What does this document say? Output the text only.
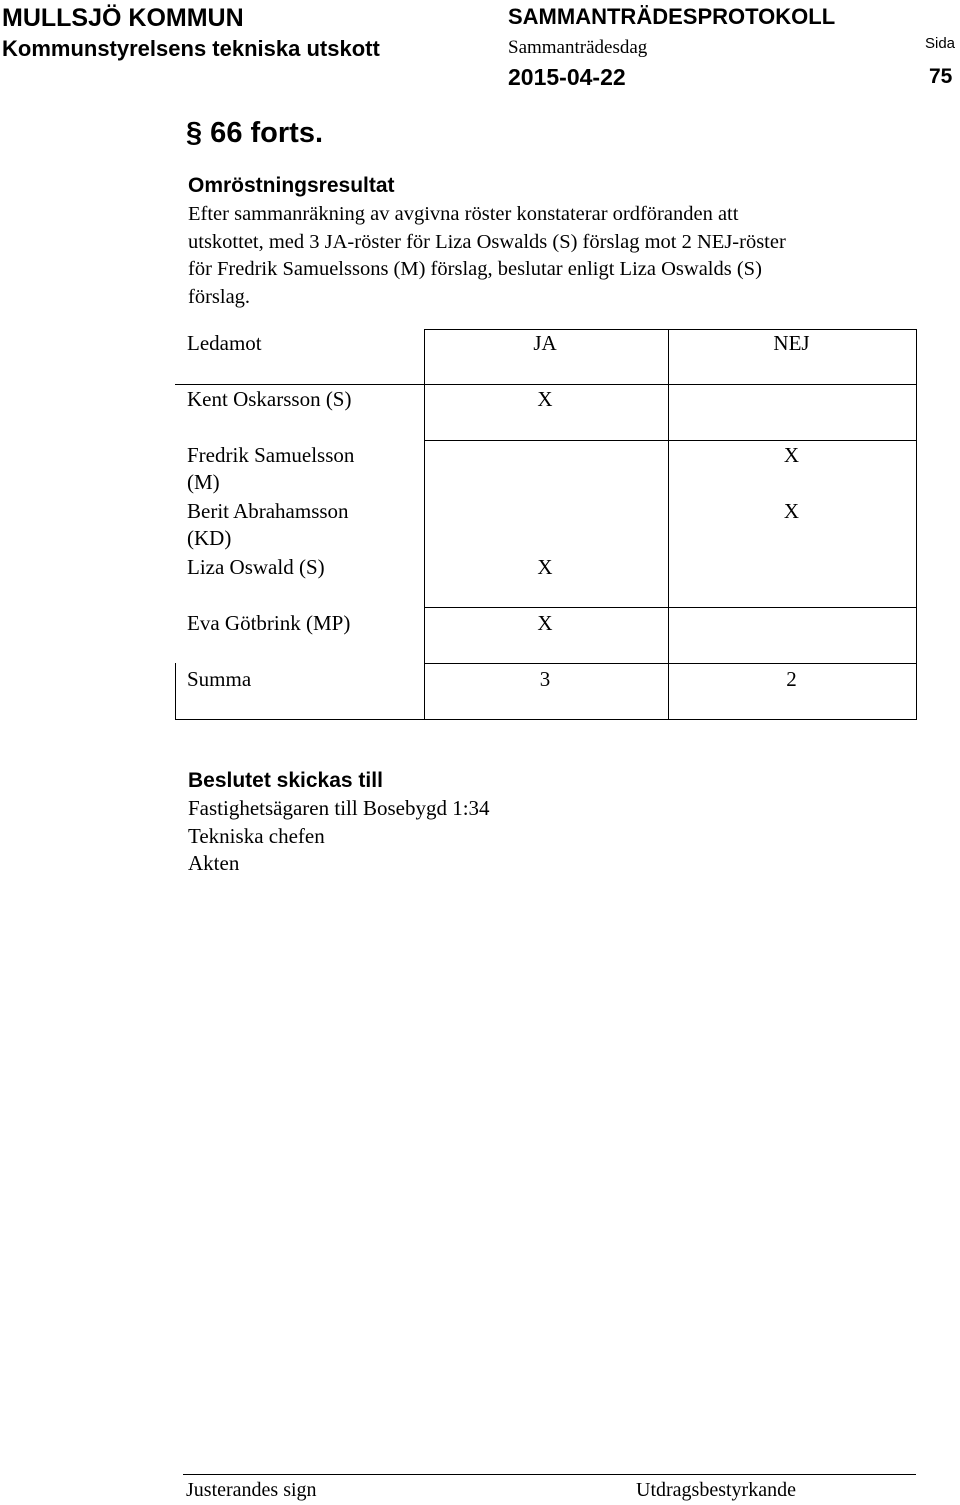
MULLSJÖ KOMMUN
Kommunstyrelsens tekniska utskott
SAMMANTRÄDESPROTOKOLL
Sammanträdesdag
2015-04-22
Sida
75
§ 66 forts.
Omröstningsresultat
Efter sammanräkning av avgivna röster konstaterar ordföranden att
utskottet, med 3 JA-röster för Liza Oswalds (S) förslag mot 2 NEJ-röster
för Fredrik Samuelssons (M) förslag, beslutar enligt Liza Oswalds (S)
förslag.
Ledamot	JA	NEJ
Kent Oskarsson (S)	X	
Fredrik Samuelsson
(M)		X
Berit Abrahamsson
(KD)		X
Liza Oswald (S)	X	
Eva Götbrink (MP)	X	
Summa	3	2
Beslutet skickas till
Fastighetsägaren till Bosebygd 1:34
Tekniska chefen
Akten
Justerandes sign	Utdragsbestyrkande
